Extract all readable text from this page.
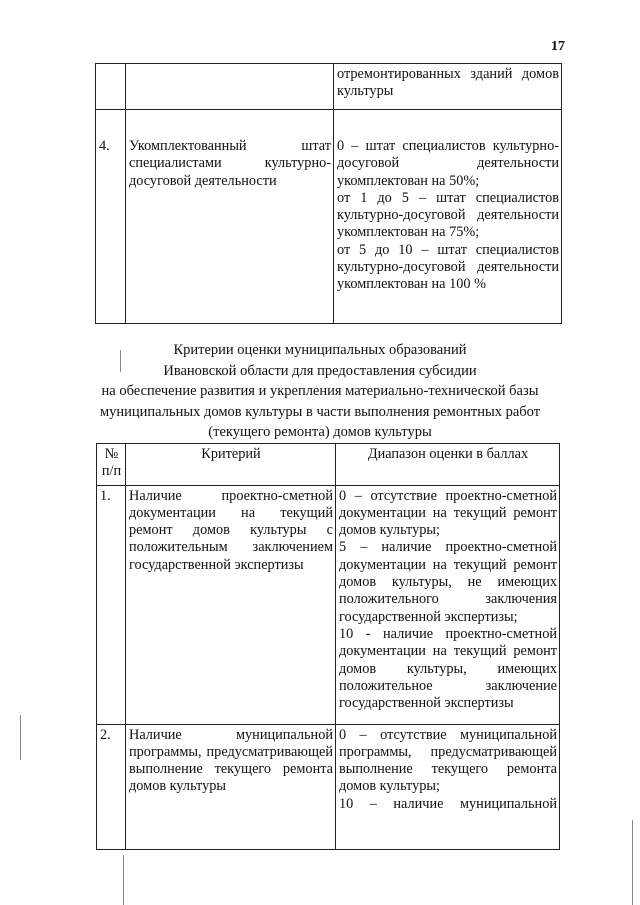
17

		отремонтированных зданий домов культуры

4.	Укомплектованный штат специалистами культурно-досуговой деятельности	0 – штат специалистов культурно-досуговой деятельности укомплектован на 50%;
от 1 до 5 – штат специалистов культурно-досуговой деятельности укомплектован на 75%;
от 5 до 10 – штат специалистов культурно-досуговой деятельности укомплектован на 100 %
Критерии оценки муниципальных образований
Ивановской области для предоставления субсидии
на обеспечение развития и укрепления материально-технической базы
муниципальных домов культуры в части выполнения ремонтных работ
(текущего ремонта) домов культуры
№ п/п	Критерий	Диапазон оценки в баллах
1.	Наличие проектно-сметной документации на текущий ремонт домов культуры с положительным заключением государственной экспертизы	0 – отсутствие проектно-сметной документации на текущий ремонт домов культуры;
5 – наличие проектно-сметной документации на текущий ремонт домов культуры, не имеющих положительного заключения государственной экспертизы;
10 - наличие проектно-сметной документации на текущий ремонт домов культуры, имеющих положительное заключение государственной экспертизы

2.	Наличие муниципальной программы, предусматривающей выполнение текущего ремонта домов культуры	0 – отсутствие муниципальной программы, предусматривающей выполнение текущего ремонта домов культуры;
10 – наличие муниципальной
